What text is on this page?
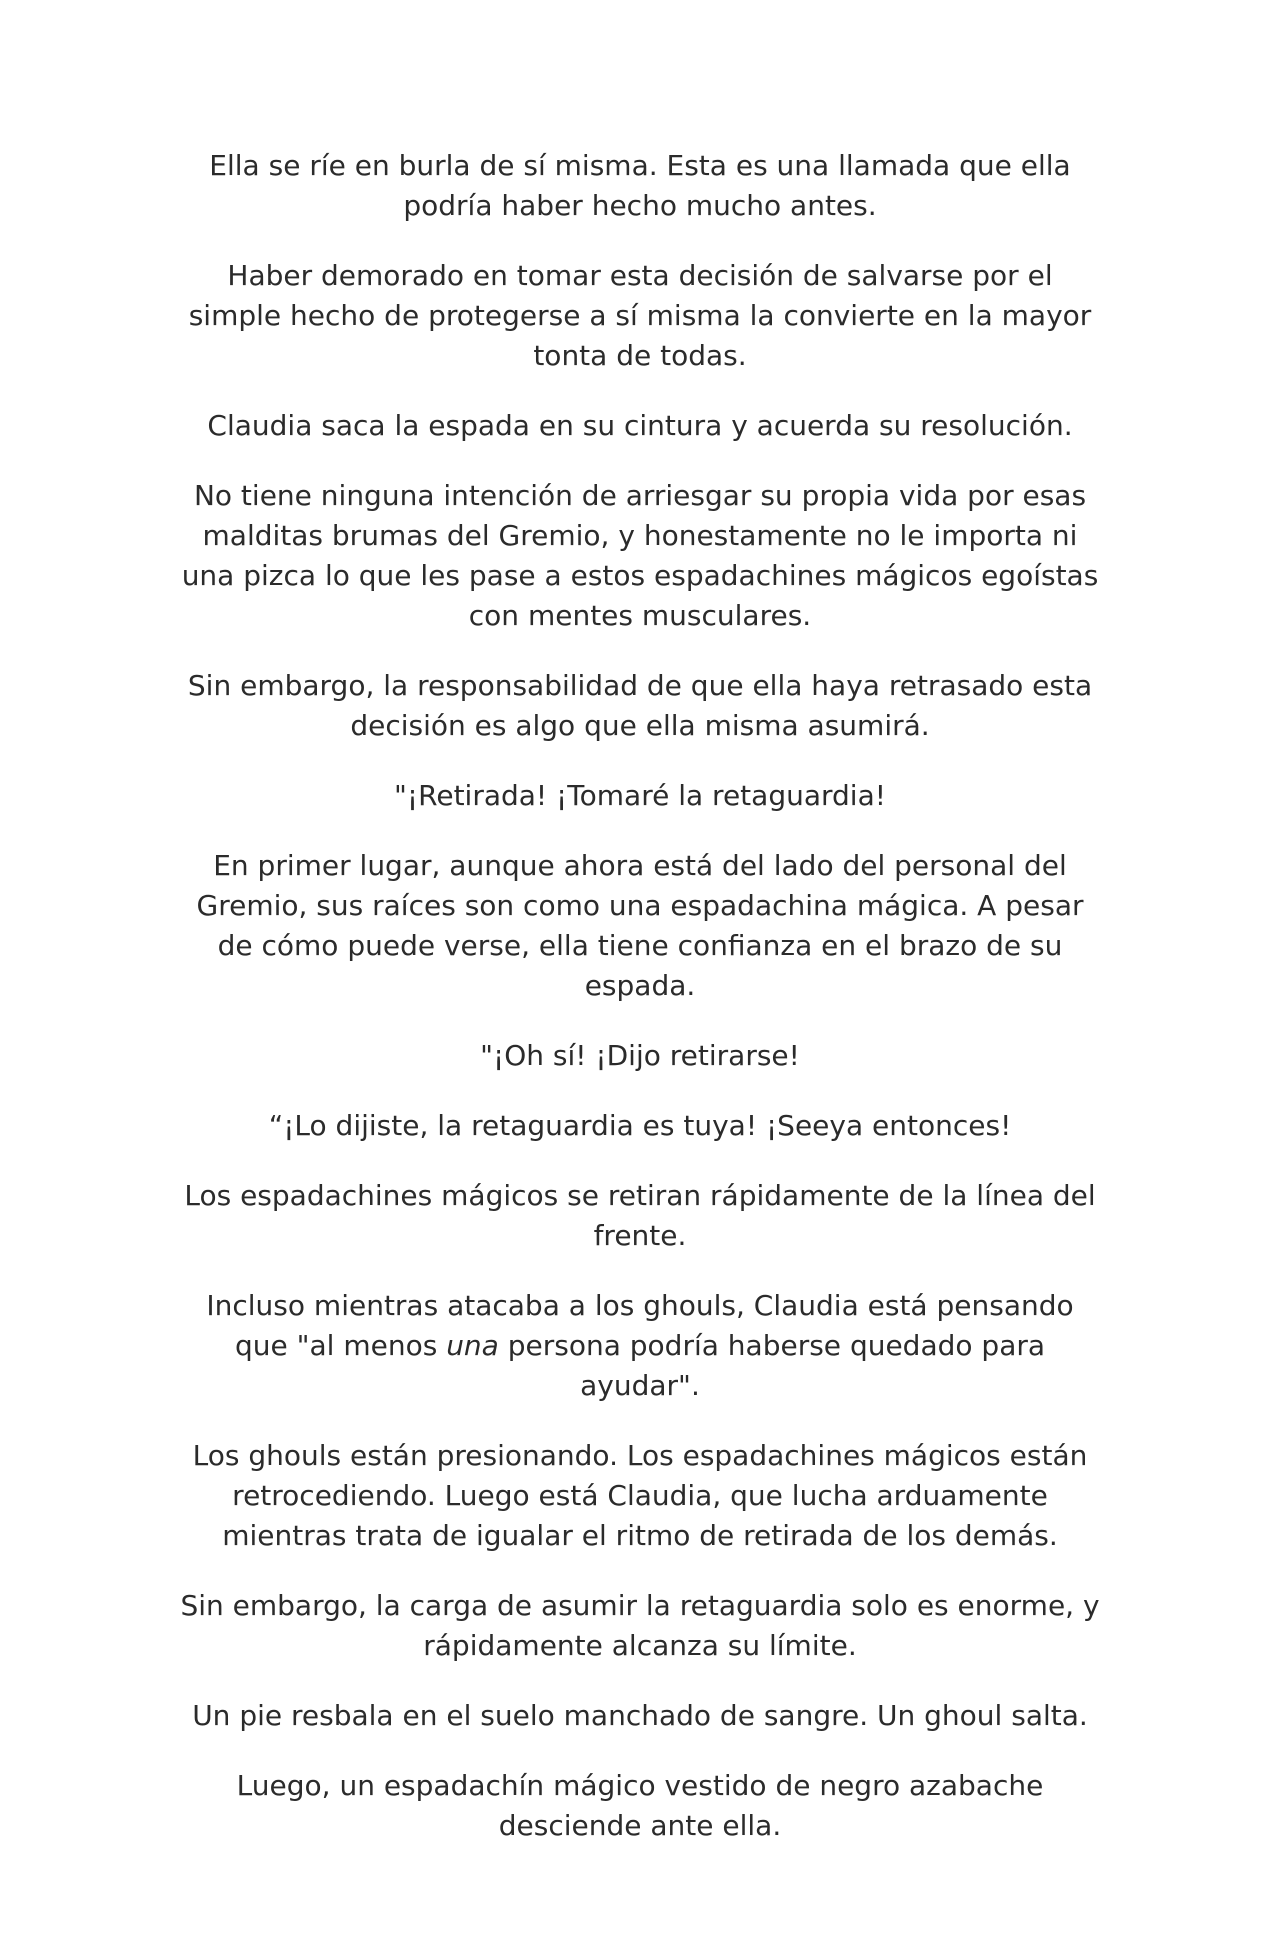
Ella se ríe en burla de sí misma. Esta es una llamada que ella podría haber hecho mucho antes.

Haber demorado en tomar esta decisión de salvarse por el simple hecho de protegerse a sí misma la convierte en la mayor tonta de todas.

Claudia saca la espada en su cintura y acuerda su resolución.

No tiene ninguna intención de arriesgar su propia vida por esas malditas brumas del Gremio, y honestamente no le importa ni una pizca lo que les pase a estos espadachines mágicos egoístas con mentes musculares.

Sin embargo, la responsabilidad de que ella haya retrasado esta decisión es algo que ella misma asumirá.

"¡Retirada! ¡Tomaré la retaguardia!

En primer lugar, aunque ahora está del lado del personal del Gremio, sus raíces son como una espadachina mágica. A pesar de cómo puede verse, ella tiene confianza en el brazo de su espada.

"¡Oh sí! ¡Dijo retirarse!

“¡Lo dijiste, la retaguardia es tuya! ¡Seeya entonces!

Los espadachines mágicos se retiran rápidamente de la línea del frente.

Incluso mientras atacaba a los ghouls, Claudia está pensando que "al menos una persona podría haberse quedado para ayudar".

Los ghouls están presionando. Los espadachines mágicos están retrocediendo. Luego está Claudia, que lucha arduamente mientras trata de igualar el ritmo de retirada de los demás.

Sin embargo, la carga de asumir la retaguardia solo es enorme, y rápidamente alcanza su límite.

Un pie resbala en el suelo manchado de sangre. Un ghoul salta.

Luego, un espadachín mágico vestido de negro azabache desciende ante ella.
